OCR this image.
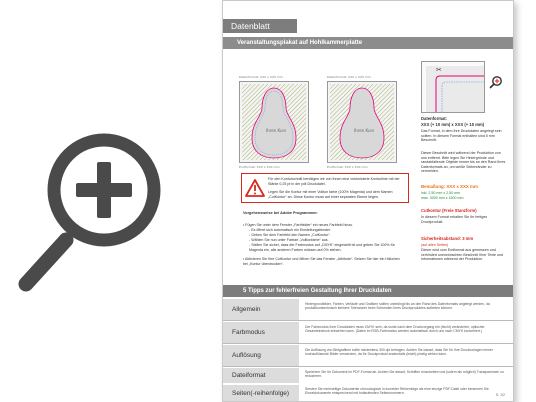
Datenblatt
Veranstaltungsplakat auf Hohlkammerplatte
Ihren Kurs
Datenformat: XXX x XXX mm
Endformat: XXX x XXX mm
Ihren Kurs
Datenformat: XXX x XXX mm
Endformat: XXX x XXX mm
✂
Datenformat:
XXX (+ 10 mm) x XXX (+ 10 mm)
Das Format, in dem Ihre Druckdaten angelegt sein sollten. In diesem Format enthalten sind 5 mm Beschnitt.
Dieser Beschnitt wird während der Produktion von uns entfernt. Bitte legen Sie Hintergründe und randabfallende Objekte immer bis an den Rand Ihres Datenformats an, um weiße Seitenränder zu vermeiden.
Bemaßung: XXX x XXX mm
inkl. 2,50 mm x 2,50 mm
max. 3000 mm x 1500 mm
Cutkontur (Freie Stanzform)
In diesem Format erhalten Sie Ihr fertiges Druckprodukt.
Sicherheitsabstand: 3 mm
(auf allen Seiten)
Dieser wird vom Endformat aus gemessen und verhindert unerwünschten Beschnitt Ihrer Texte und Informationen während der Produktion.
Für den Konturschnitt benötigen wir von Ihnen eine vektorisierte Konturlinie mit der Stärke 0,25 pt in der pdf-Druckdatei.
Legen Sie die Kontur mit einer Vollton farbe (100% Magenta) und dem Namen „CutKontur“ an. Diese Kontur muss auf einer separaten Ebene liegen.
Vorgehensweise bei Adobe Programmen:
• Fügen Sie unter dem Fenster „Farbfelder“ ein neues Farbfeld hinzu.
- Es öffnet sich automatisch ein Einstellungsfenster.
- Geben Sie dem Farbfeld den Namen „CutKontur“.
- Wählen Sie nun unter Farbart „Volltonfarbe“ aus.
- Stellen Sie sicher, dass der Farbmodus auf „CMYK“ eingestellt ist und geben Sie 100% für Magenta ein, alle anderen Farben müssen auf 0% stehen.
• Aktivieren Sie Ihre CutKontur und öffnen Sie das Fenster „Attribute“. Setzen Sie hier ein Häkchen bei „Kontur überdrucken“.
5 Tipps zur fehlerfreien Gestaltung Ihrer Druckdaten
Allgemein
Hintergrundbilder, Farben, Verläufe und Grafiken sollten unbedingt bis an den Rand des Datenformats angelegt werden, da produktionstechnisch kleinere Toleranzen beim Schneiden Ihres Druckproduktes auftreten können.
Farbmodus
Der Farbmodus Ihrer Druckdaten muss CMYK sein, da sonst nach dem Druckvorgang ein (leicht) veränderter, optischer Gesamteindruck entstehen kann. (Daten im RGB-Farbmodus werden automatisch durch uns nach CMYK konvertiert.)
Auflösung
Die Auflösung von Bildgrafiken sollte mindestens 300 dpi betragen. Achten Sie darauf, dass Sie für Ihre Druckvorlagen immer hochauflösende Bilder verwenden, da Ihr Druckprodukt andernfalls (leicht) pixelig wirken kann.
Dateiformat	Speichern Sie Ihr Dokument im PDF-Format ab. Achten Sie darauf, Schriften einzubetten und (sofern als möglich) Transparenzen zu reduzieren.
Seiten(-reihenfolge)
Senden Sie mehrseitige Dokumente chronologisch in korrekter Reihenfolge als eine einzige PDF-Datei oder benennen Sie Einzeldokumente entsprechend mit fortlaufenden Seitennummern.	S. 1/2
